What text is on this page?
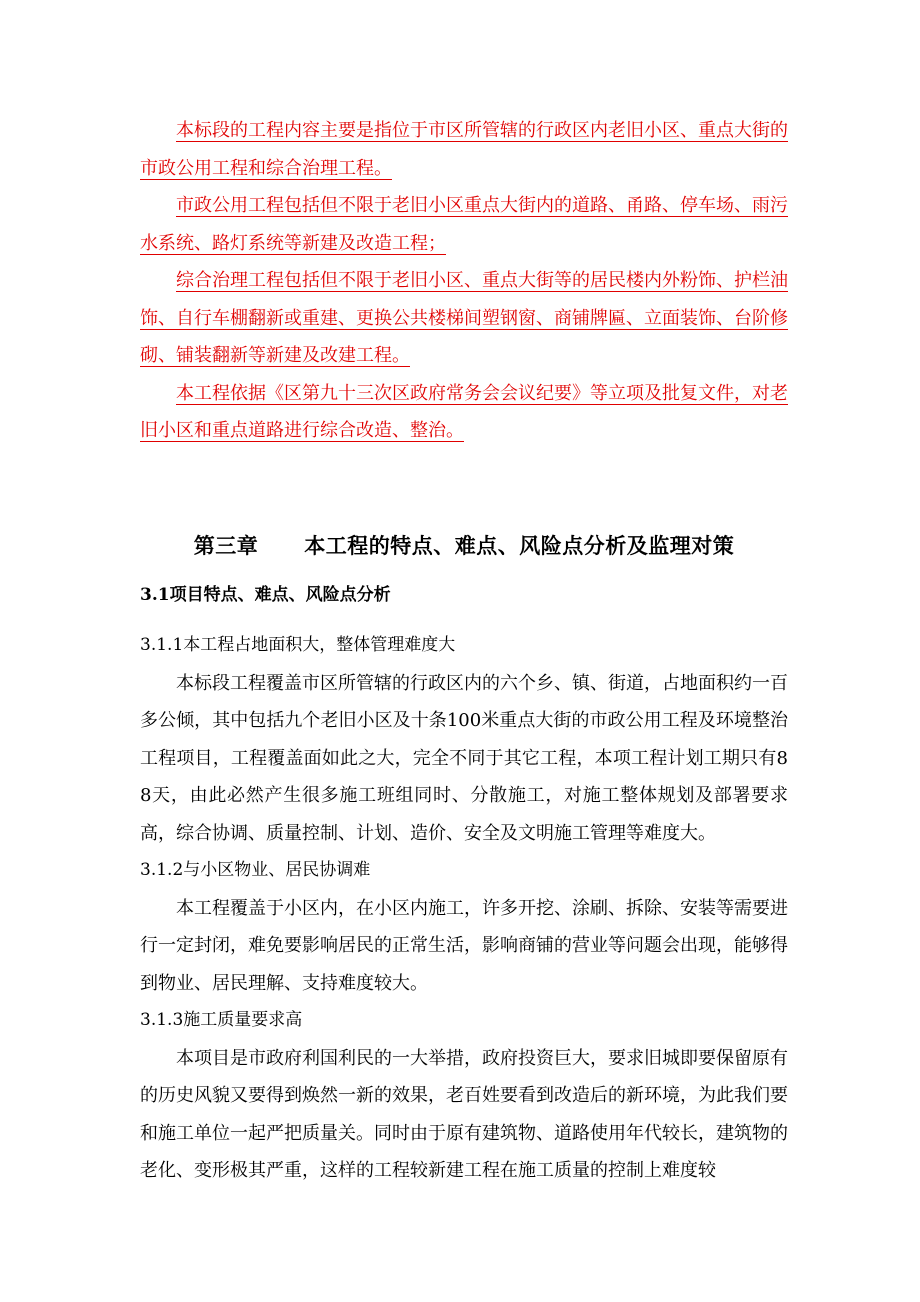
本标段的工程内容主要是指位于市区所管辖的行政区内老旧小区、重点大街的市政公用工程和综合治理工程。

市政公用工程包括但不限于老旧小区重点大街内的道路、甬路、停车场、雨污水系统、路灯系统等新建及改造工程；

综合治理工程包括但不限于老旧小区、重点大街等的居民楼内外粉饰、护栏油饰、自行车棚翻新或重建、更换公共楼梯间塑钢窗、商铺牌匾、立面装饰、台阶修砌、铺装翻新等新建及改建工程。

本工程依据《区第九十三次区政府常务会会议纪要》等立项及批复文件，对老旧小区和重点道路进行综合改造、整治。

第三章 本工程的特点、难点、风险点分析及监理对策
3.1项目特点、难点、风险点分析

3.1.1本工程占地面积大，整体管理难度大

本标段工程覆盖市区所管辖的行政区内的六个乡、镇、街道，占地面积约一百多公倾，其中包括九个老旧小区及十条100米重点大街的市政公用工程及环境整治工程项目，工程覆盖面如此之大，完全不同于其它工程，本项工程计划工期只有88天，由此必然产生很多施工班组同时、分散施工，对施工整体规划及部署要求高，综合协调、质量控制、计划、造价、安全及文明施工管理等难度大。

3.1.2与小区物业、居民协调难

本工程覆盖于小区内，在小区内施工，许多开挖、涂刷、拆除、安装等需要进行一定封闭，难免要影响居民的正常生活，影响商铺的营业等问题会出现，能够得到物业、居民理解、支持难度较大。

3.1.3施工质量要求高

本项目是市政府利国利民的一大举措，政府投资巨大，要求旧城即要保留原有的历史风貌又要得到焕然一新的效果，老百姓要看到改造后的新环境，为此我们要和施工单位一起严把质量关。同时由于原有建筑物、道路使用年代较长，建筑物的老化、变形极其严重，这样的工程较新建工程在施工质量的控制上难度较
